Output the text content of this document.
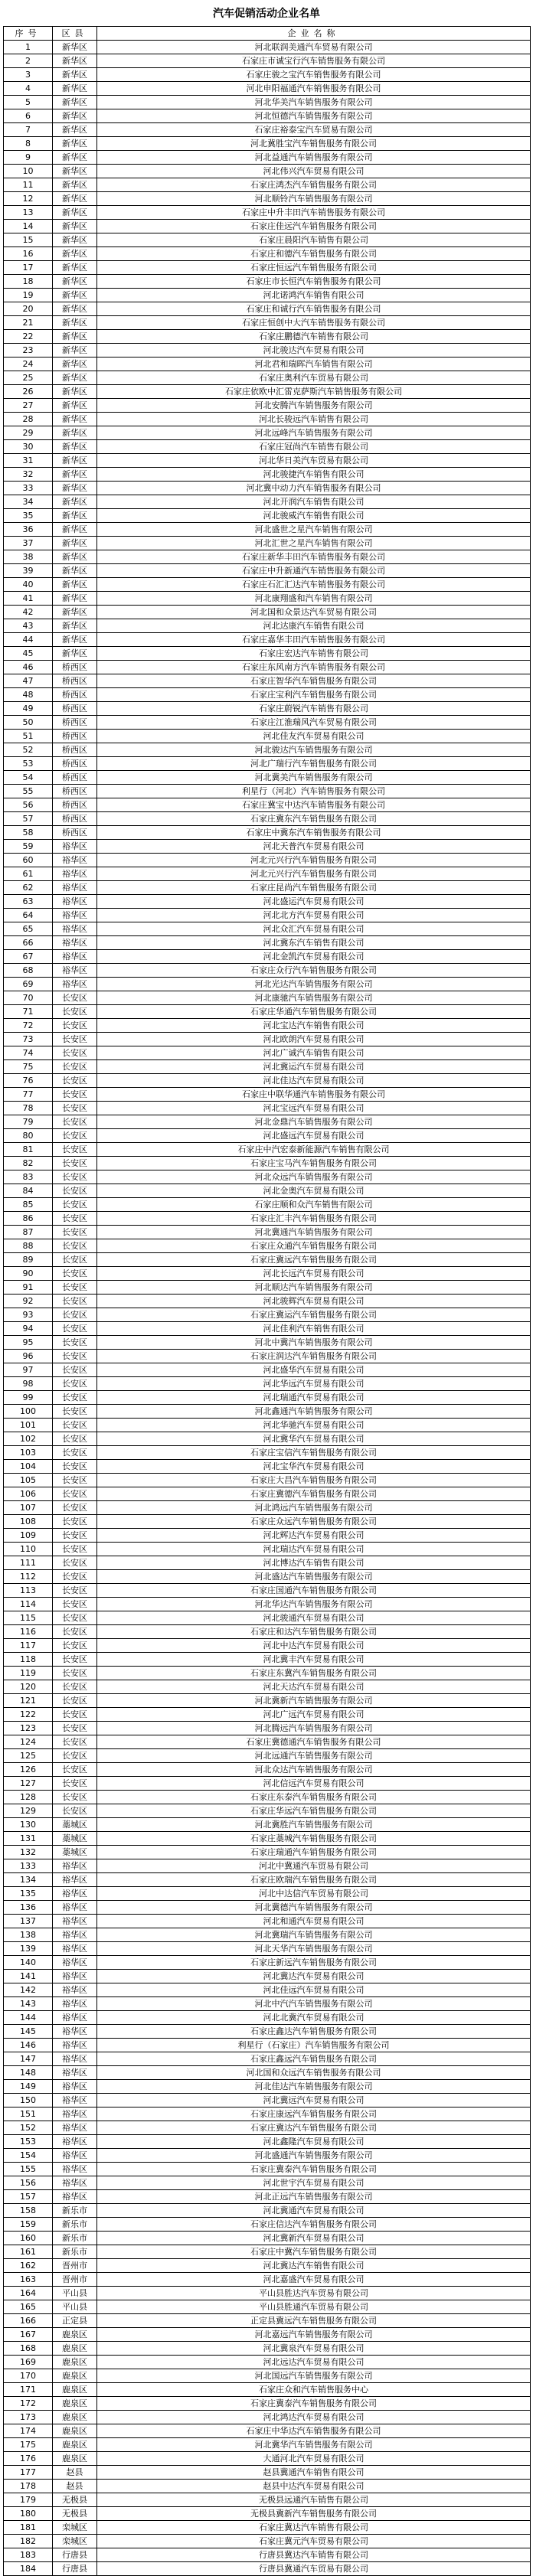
汽车促销活动企业名单
序号	区县	企业名称
1	新华区	河北联润美通汽车贸易有限公司
2	新华区	石家庄市诚宝行汽车销售服务有限公司
3	新华区	石家庄骏之宝汽车销售服务有限公司
4	新华区	河北申阳福通汽车销售服务有限公司
5	新华区	河北华美汽车销售服务有限公司
6	新华区	河北恒德汽车销售服务有限公司
7	新华区	石家庄裕泰宝汽车贸易有限公司
8	新华区	河北冀胜宝汽车销售服务有限公司
9	新华区	河北益通汽车销售服务有限公司
10	新华区	河北伟兴汽车贸易有限公司
11	新华区	石家庄鸿杰汽车销售服务有限公司
12	新华区	河北顺铃汽车销售服务有限公司
13	新华区	石家庄中升丰田汽车销售服务有限公司
14	新华区	石家庄佳远汽车销售服务有限公司
15	新华区	石家庄晨阳汽车销售有限公司
16	新华区	石家庄和德汽车销售服务有限公司
17	新华区	石家庄恒远汽车销售服务有限公司
18	新华区	石家庄市长恒汽车销售服务有限公司
19	新华区	河北诺鸿汽车销售有限公司
20	新华区	石家庄和诚行汽车销售服务有限公司
21	新华区	石家庄恒创中大汽车销售服务有限公司
22	新华区	石家庄鹏德汽车销售有限公司
23	新华区	河北骏达汽车贸易有限公司
24	新华区	河北君和瑞晖汽车销售有限公司
25	新华区	石家庄奥利汽车贸易有限公司
26	新华区	石家庄依欧中汇雷克萨斯汽车销售服务有限公司
27	新华区	河北安腾汽车销售服务有限公司
28	新华区	河北长骏远汽车销售有限公司
29	新华区	河北远峰汽车销售服务有限公司
30	新华区	石家庄冠尚汽车销售有限公司
31	新华区	河北华日美汽车贸易有限公司
32	新华区	河北骏捷汽车销售有限公司
33	新华区	河北冀中动力汽车销售服务有限公司
34	新华区	河北开润汽车销售有限公司
35	新华区	河北骏威汽车销售有限公司
36	新华区	河北盛世之星汽车销售有限公司
37	新华区	河北汇世之星汽车销售有限公司
38	新华区	石家庄新华丰田汽车销售服务有限公司
39	新华区	石家庄中升新通汽车销售服务有限公司
40	新华区	石家庄石汇汇达汽车销售服务有限公司
41	新华区	河北康翔盛和汽车销售有限公司
42	新华区	河北国和众景达汽车贸易有限公司
43	新华区	河北达康汽车销售有限公司
44	新华区	石家庄嘉华丰田汽车销售服务有限公司
45	新华区	石家庄宏达汽车销售有限公司
46	桥西区	石家庄东风南方汽车销售服务有限公司
47	桥西区	石家庄智华汽车销售服务有限公司
48	桥西区	石家庄宝利汽车销售服务有限公司
49	桥西区	石家庄蔚锐汽车销售有限公司
50	桥西区	石家庄江淮瑞风汽车贸易有限公司
51	桥西区	河北佳友汽车贸易有限公司
52	桥西区	河北骏达汽车销售服务有限公司
53	桥西区	河北广瑞行汽车销售服务有限公司
54	桥西区	河北冀美汽车销售服务有限公司
55	桥西区	利星行（河北）汽车销售服务有限公司
56	桥西区	石家庄冀宝中达汽车销售服务有限公司
57	桥西区	石家庄冀东汽车销售服务有限公司
58	桥西区	石家庄中冀东汽车销售服务有限公司
59	裕华区	河北天普汽车贸易有限公司
60	裕华区	河北元兴行汽车销售服务有限公司
61	裕华区	河北元兴行汽车销售服务有限公司
62	裕华区	石家庄昆尚汽车销售服务有限公司
63	裕华区	河北盛运汽车贸易有限公司
64	裕华区	河北北方汽车贸易有限公司
65	裕华区	河北众汇汽车贸易有限公司
66	裕华区	河北冀东汽车销售有限公司
67	裕华区	河北金凯汽车贸易有限公司
68	裕华区	石家庄众行汽车销售服务有限公司
69	裕华区	河北光达汽车销售服务有限公司
70	长安区	河北康驰汽车销售服务有限公司
71	长安区	石家庄华通汽车销售服务有限公司
72	长安区	河北宝达汽车销售有限公司
73	长安区	河北欧朗汽车贸易有限公司
74	长安区	河北广诚汽车销售有限公司
75	长安区	河北冀运汽车贸易有限公司
76	长安区	河北佳达汽车贸易有限公司
77	长安区	石家庄中联华通汽车销售服务有限公司
78	长安区	河北宝远汽车贸易有限公司
79	长安区	河北金鼎汽车销售服务有限公司
80	长安区	河北盛远汽车贸易有限公司
81	长安区	石家庄中汽宏泰新能源汽车销售有限公司
82	长安区	石家庄宝马汽车销售服务有限公司
83	长安区	河北众远汽车销售服务有限公司
84	长安区	河北金奥汽车贸易有限公司
85	长安区	石家庄顺和众汽车销售有限公司
86	长安区	石家庄汇丰汽车销售服务有限公司
87	长安区	河北冀通汽车销售服务有限公司
88	长安区	石家庄众通汽车销售服务有限公司
89	长安区	石家庄冀远汽车销售服务有限公司
90	长安区	河北长远汽车贸易有限公司
91	长安区	河北顺达汽车销售服务有限公司
92	长安区	河北骏辉汽车贸易有限公司
93	长安区	石家庄冀运汽车销售服务有限公司
94	长安区	河北佳利汽车销售有限公司
95	长安区	河北中冀汽车销售服务有限公司
96	长安区	石家庄润达汽车销售服务有限公司
97	长安区	河北盛华汽车贸易有限公司
98	长安区	河北华远汽车贸易有限公司
99	长安区	河北瑞通汽车贸易有限公司
100	长安区	河北鑫通汽车销售服务有限公司
101	长安区	河北华驰汽车贸易有限公司
102	长安区	河北冀华汽车贸易有限公司
103	长安区	石家庄宝信汽车销售服务有限公司
104	长安区	河北宝华汽车贸易有限公司
105	长安区	石家庄大昌汽车销售服务有限公司
106	长安区	石家庄冀德汽车销售服务有限公司
107	长安区	河北鸿远汽车销售服务有限公司
108	长安区	石家庄众远汽车销售服务有限公司
109	长安区	河北辉达汽车贸易有限公司
110	长安区	河北瑞达汽车贸易有限公司
111	长安区	河北博达汽车销售有限公司
112	长安区	河北盛达汽车销售服务有限公司
113	长安区	石家庄国通汽车销售服务有限公司
114	长安区	河北华达汽车销售服务有限公司
115	长安区	河北骏通汽车贸易有限公司
116	长安区	石家庄和达汽车销售服务有限公司
117	长安区	河北中达汽车贸易有限公司
118	长安区	河北冀丰汽车贸易有限公司
119	长安区	石家庄东冀汽车销售服务有限公司
120	长安区	河北天达汽车贸易有限公司
121	长安区	河北冀新汽车销售服务有限公司
122	长安区	河北广远汽车贸易有限公司
123	长安区	河北腾远汽车销售服务有限公司
124	长安区	石家庄冀德通汽车销售服务有限公司
125	长安区	河北远通汽车销售服务有限公司
126	长安区	河北众达汽车销售服务有限公司
127	长安区	河北信远汽车贸易有限公司
128	长安区	石家庄东泰汽车销售服务有限公司
129	长安区	石家庄华远汽车销售服务有限公司
130	藁城区	河北冀胜汽车销售服务有限公司
131	藁城区	石家庄藁城汽车销售服务有限公司
132	藁城区	石家庄瑞通汽车销售服务有限公司
133	裕华区	河北中冀通汽车贸易有限公司
134	裕华区	石家庄欧瑞汽车销售服务有限公司
135	裕华区	河北中达信汽车贸易有限公司
136	裕华区	河北冀德汽车销售服务有限公司
137	裕华区	河北和通汽车贸易有限公司
138	裕华区	河北冀瑞汽车销售服务有限公司
139	裕华区	河北天华汽车销售服务有限公司
140	裕华区	石家庄新远汽车销售服务有限公司
141	裕华区	河北冀达汽车贸易有限公司
142	裕华区	河北佳远汽车贸易有限公司
143	裕华区	河北中汽汽车销售服务有限公司
144	裕华区	河北北冀汽车贸易有限公司
145	裕华区	石家庄鑫达汽车销售服务有限公司
146	裕华区	利星行（石家庄）汽车销售服务有限公司
147	裕华区	石家庄鑫远汽车销售服务有限公司
148	裕华区	河北国和众远汽车销售服务有限公司
149	裕华区	河北佳达汽车销售服务有限公司
150	裕华区	河北冀远汽车贸易有限公司
151	裕华区	石家庄康远汽车销售服务有限公司
152	裕华区	石家庄冀达汽车销售服务有限公司
153	裕华区	河北鑫隆汽车贸易有限公司
154	裕华区	河北盛通汽车销售服务有限公司
155	裕华区	石家庄冀泰汽车销售服务有限公司
156	裕华区	河北世宇汽车贸易有限公司
157	裕华区	河北正远汽车销售服务有限公司
158	新乐市	河北冀通汽车贸易有限公司
159	新乐市	石家庄信达汽车销售服务有限公司
160	新乐市	河北冀新汽车贸易有限公司
161	新乐市	石家庄中冀汽车销售服务有限公司
162	晋州市	河北冀达汽车销售有限公司
163	晋州市	河北嘉盛汽车贸易有限公司
164	平山县	平山县胜达汽车贸易有限公司
165	平山县	平山县胜通汽车贸易有限公司
166	正定县	正定县冀远汽车销售服务有限公司
167	鹿泉区	河北嘉远汽车销售服务有限公司
168	鹿泉区	河北冀泉汽车贸易有限公司
169	鹿泉区	河北远达汽车贸易有限公司
170	鹿泉区	河北国远汽车销售服务有限公司
171	鹿泉区	石家庄众和汽车销售服务中心
172	鹿泉区	石家庄冀泰汽车销售服务有限公司
173	鹿泉区	河北鸿达汽车贸易有限公司
174	鹿泉区	石家庄中华达汽车销售服务有限公司
175	鹿泉区	河北冀华汽车销售服务有限公司
176	鹿泉区	大通河北汽车贸易有限公司
177	赵县	赵县冀通汽车销售有限公司
178	赵县	赵县中达汽车贸易有限公司
179	无极县	无极县远通汽车销售有限公司
180	无极县	无极县冀新汽车销售服务有限公司
181	栾城区	石家庄冀达汽车销售有限公司
182	栾城区	石家庄冀元汽车贸易有限公司
183	行唐县	行唐县冀达汽车销售有限公司
184	行唐县	行唐县冀通汽车贸易有限公司
